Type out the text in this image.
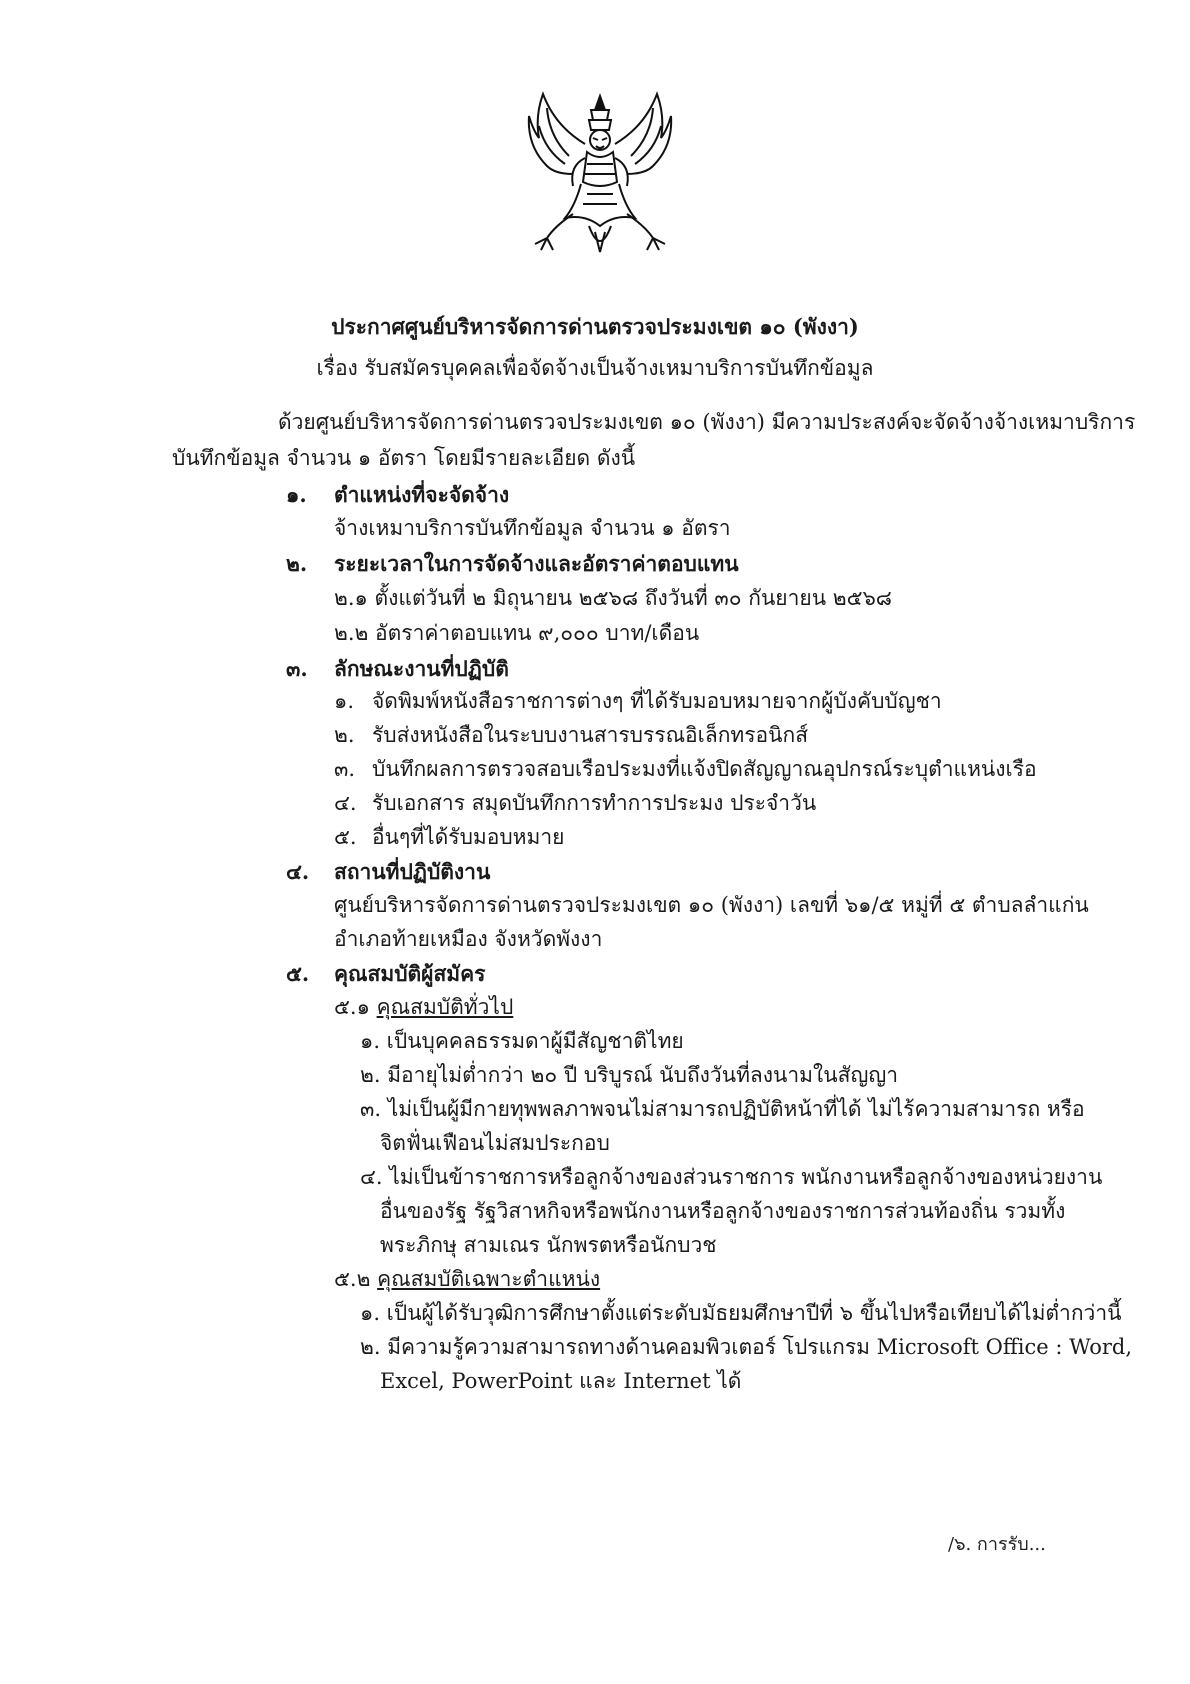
ประกาศศูนย์บริหารจัดการด่านตรวจประมงเขต ๑๐ (พังงา)
เรื่อง รับสมัครบุคคลเพื่อจัดจ้างเป็นจ้างเหมาบริการบันทึกข้อมูล
ด้วยศูนย์บริหารจัดการด่านตรวจประมงเขต ๑๐ (พังงา) มีความประสงค์จะจัดจ้างจ้างเหมาบริการ
บันทึกข้อมูล จำนวน ๑ อัตรา โดยมีรายละเอียด ดังนี้
๑. ตำแหน่งที่จะจัดจ้าง
จ้างเหมาบริการบันทึกข้อมูล จำนวน ๑ อัตรา
๒. ระยะเวลาในการจัดจ้างและอัตราค่าตอบแทน
๒.๑ ตั้งแต่วันที่ ๒ มิถุนายน ๒๕๖๘ ถึงวันที่ ๓๐ กันยายน ๒๕๖๘
๒.๒ อัตราค่าตอบแทน ๙,๐๐๐ บาท/เดือน
๓. ลักษณะงานที่ปฏิบัติ
๑. จัดพิมพ์หนังสือราชการต่างๆ ที่ได้รับมอบหมายจากผู้บังคับบัญชา
๒. รับส่งหนังสือในระบบงานสารบรรณอิเล็กทรอนิกส์
๓. บันทึกผลการตรวจสอบเรือประมงที่แจ้งปิดสัญญาณอุปกรณ์ระบุตำแหน่งเรือ
๔. รับเอกสาร สมุดบันทึกการทำการประมง ประจำวัน
๕. อื่นๆที่ได้รับมอบหมาย
๔. สถานที่ปฏิบัติงาน
ศูนย์บริหารจัดการด่านตรวจประมงเขต ๑๐ (พังงา) เลขที่ ๖๑/๕ หมู่ที่ ๕ ตำบลลำแก่น
อำเภอท้ายเหมือง จังหวัดพังงา
๕. คุณสมบัติผู้สมัคร
๕.๑ คุณสมบัติทั่วไป
๑. เป็นบุคคลธรรมดาผู้มีสัญชาติไทย
๒. มีอายุไม่ต่ำกว่า ๒๐ ปี บริบูรณ์ นับถึงวันที่ลงนามในสัญญา
๓. ไม่เป็นผู้มีกายทุพพลภาพจนไม่สามารถปฏิบัติหน้าที่ได้ ไม่ไร้ความสามารถ หรือ
จิตฟั่นเฟือนไม่สมประกอบ
๔. ไม่เป็นข้าราชการหรือลูกจ้างของส่วนราชการ พนักงานหรือลูกจ้างของหน่วยงาน
อื่นของรัฐ รัฐวิสาหกิจหรือพนักงานหรือลูกจ้างของราชการส่วนท้องถิ่น รวมทั้ง
พระภิกษุ สามเณร นักพรตหรือนักบวช
๕.๒ คุณสมบัติเฉพาะตำแหน่ง
๑. เป็นผู้ได้รับวุฒิการศึกษาตั้งแต่ระดับมัธยมศึกษาปีที่ ๖ ขึ้นไปหรือเทียบได้ไม่ต่ำกว่านี้
๒. มีความรู้ความสามารถทางด้านคอมพิวเตอร์ โปรแกรม Microsoft Office : Word,
Excel, PowerPoint และ Internet ได้
/๖. การรับ...
